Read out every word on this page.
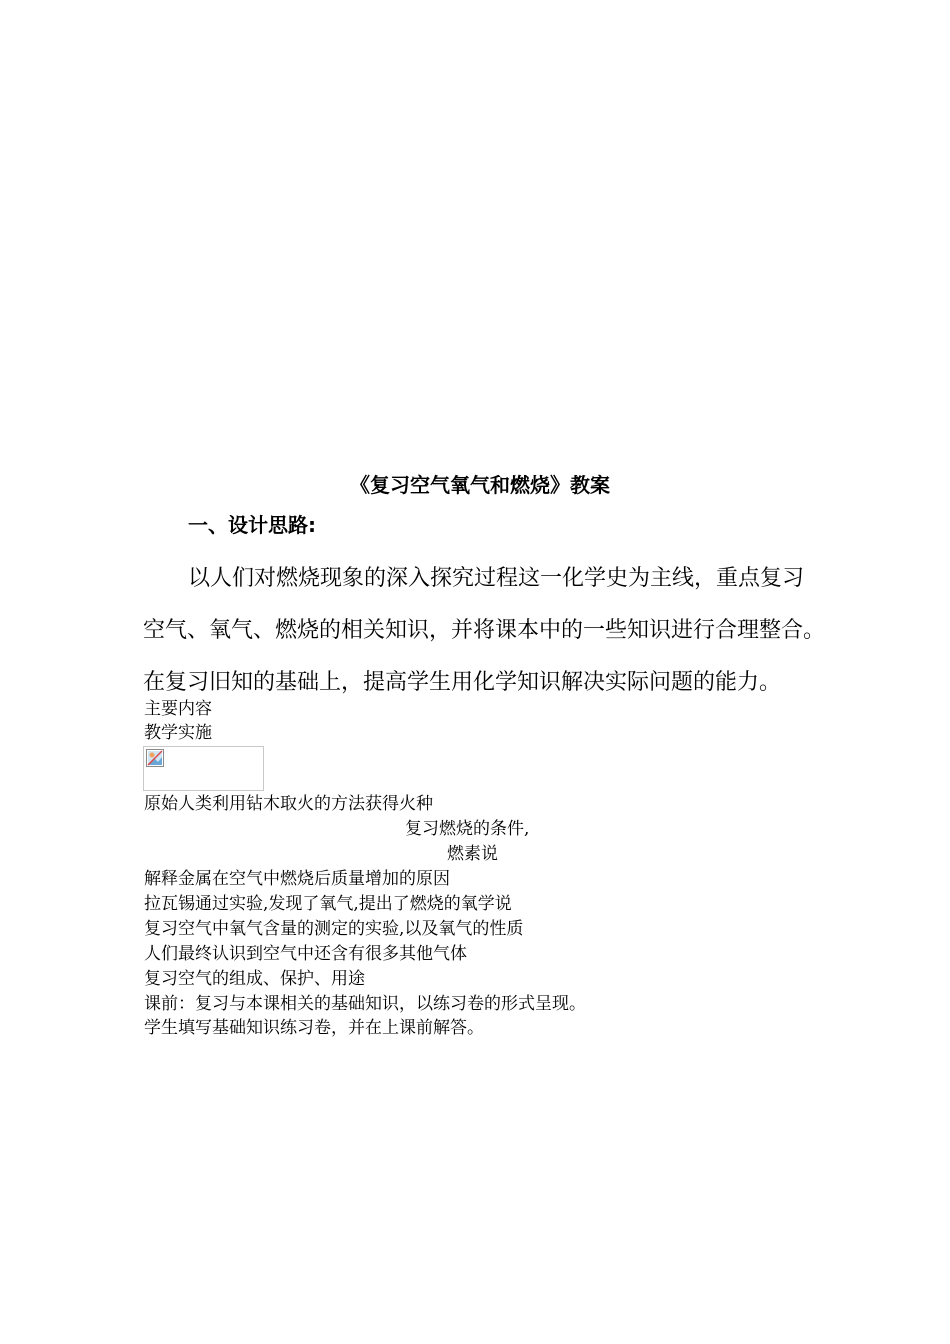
《复习空气氧气和燃烧》教案
一、设计思路:
以人们对燃烧现象的深入探究过程这一化学史为主线，重点复习
空气、氧气、燃烧的相关知识，并将课本中的一些知识进行合理整合。
在复习旧知的基础上，提高学生用化学知识解决实际问题的能力。
主要内容
教学实施
原始人类利用钻木取火的方法获得火种
复习燃烧的条件,
燃素说
解释金属在空气中燃烧后质量增加的原因
拉瓦锡通过实验,发现了氧气,提出了燃烧的氧学说
复习空气中氧气含量的测定的实验,以及氧气的性质
人们最终认识到空气中还含有很多其他气体
复习空气的组成、保护、用途
课前：复习与本课相关的基础知识，以练习卷的形式呈现。
学生填写基础知识练习卷，并在上课前解答。
